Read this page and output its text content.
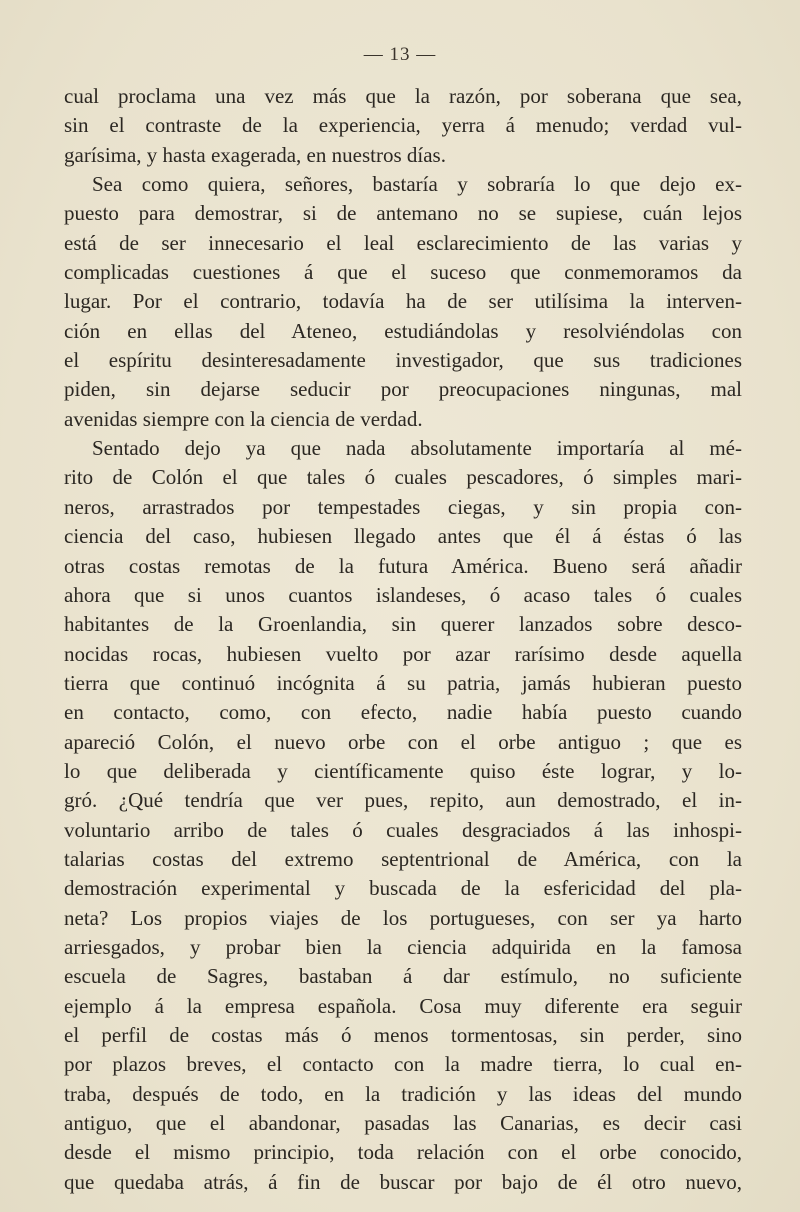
— 13 —
cual proclama una vez más que la razón, por soberana que sea,
sin el contraste de la experiencia, yerra á menudo; verdad vul-
garísima, y hasta exagerada, en nuestros días.
Sea como quiera, señores, bastaría y sobraría lo que dejo ex-
puesto para demostrar, si de antemano no se supiese, cuán lejos
está de ser innecesario el leal esclarecimiento de las varias y
complicadas cuestiones á que el suceso que conmemoramos da
lugar. Por el contrario, todavía ha de ser utilísima la interven-
ción en ellas del Ateneo, estudiándolas y resolviéndolas con
el espíritu desinteresadamente investigador, que sus tradiciones
piden, sin dejarse seducir por preocupaciones ningunas, mal
avenidas siempre con la ciencia de verdad.
Sentado dejo ya que nada absolutamente importaría al mé-
rito de Colón el que tales ó cuales pescadores, ó simples mari-
neros, arrastrados por tempestades ciegas, y sin propia con-
ciencia del caso, hubiesen llegado antes que él á éstas ó las
otras costas remotas de la futura América. Bueno será añadir
ahora que si unos cuantos islandeses, ó acaso tales ó cuales
habitantes de la Groenlandia, sin querer lanzados sobre desco-
nocidas rocas, hubiesen vuelto por azar rarísimo desde aquella
tierra que continuó incógnita á su patria, jamás hubieran puesto
en contacto, como, con efecto, nadie había puesto cuando
apareció Colón, el nuevo orbe con el orbe antiguo ; que es
lo que deliberada y científicamente quiso éste lograr, y lo-
gró. ¿Qué tendría que ver pues, repito, aun demostrado, el in-
voluntario arribo de tales ó cuales desgraciados á las inhospi-
talarias costas del extremo septentrional de América, con la
demostración experimental y buscada de la esfericidad del pla-
neta? Los propios viajes de los portugueses, con ser ya harto
arriesgados, y probar bien la ciencia adquirida en la famosa
escuela de Sagres, bastaban á dar estímulo, no suficiente
ejemplo á la empresa española. Cosa muy diferente era seguir
el perfil de costas más ó menos tormentosas, sin perder, sino
por plazos breves, el contacto con la madre tierra, lo cual en-
traba, después de todo, en la tradición y las ideas del mundo
antiguo, que el abandonar, pasadas las Canarias, es decir casi
desde el mismo principio, toda relación con el orbe conocido,
que quedaba atrás, á fin de buscar por bajo de él otro nuevo,
